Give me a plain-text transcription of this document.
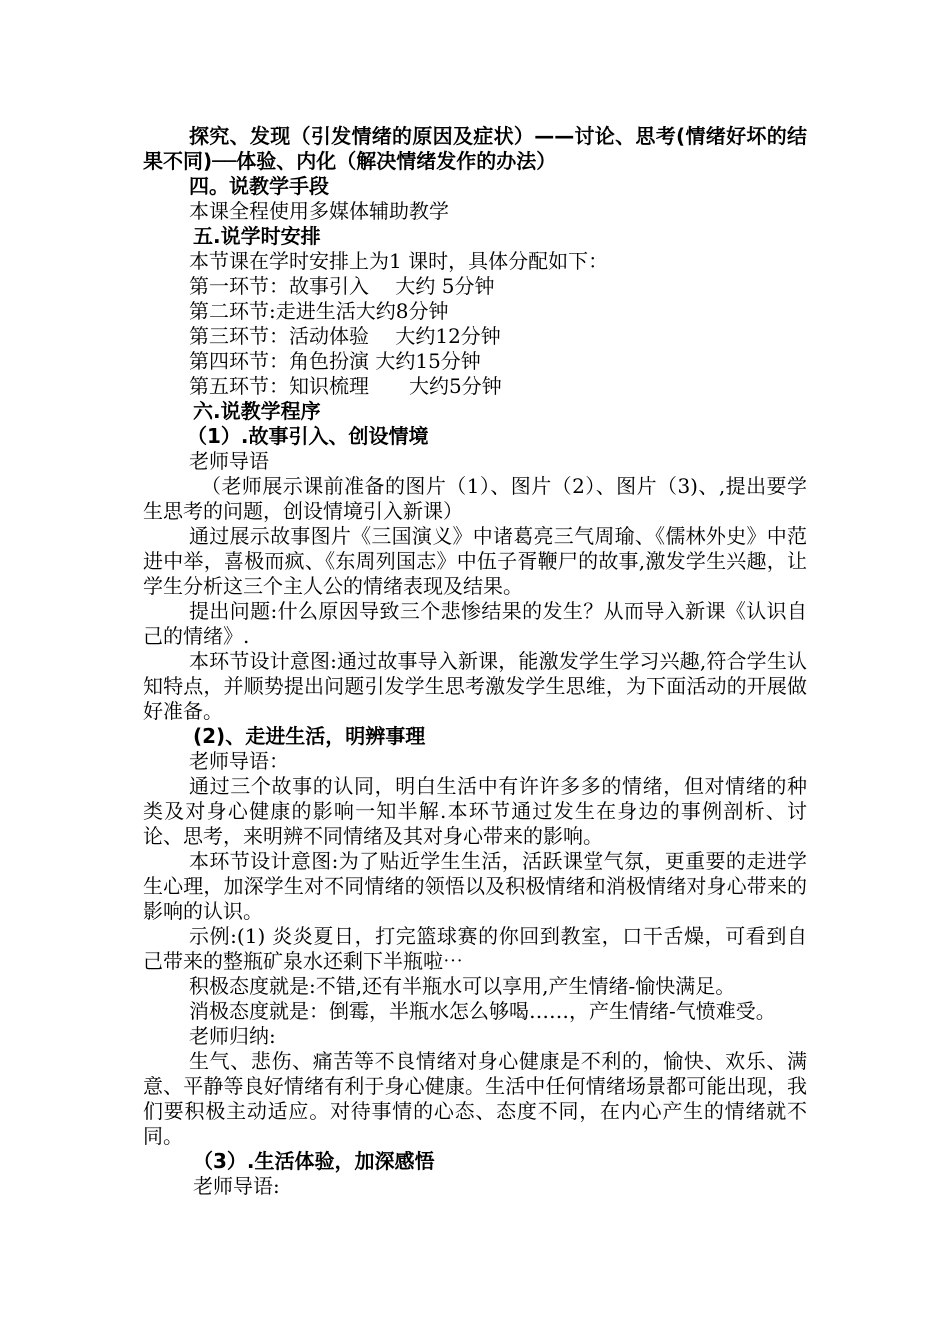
探究、发现（引发情绪的原因及症状）——讨论、思考(情绪好坏的结果不同)──体验、内化（解决情绪发作的办法）

四。说教学手段

本课全程使用多媒体辅助教学

五.说学时安排

本节课在学时安排上为1 课时，具体分配如下：

第一环节：故事引入　 大约 5分钟

第二环节:走进生活大约8分钟

第三环节：活动体验　 大约12分钟

第四环节：角色扮演 大约15分钟

第五环节：知识梳理　　大约5分钟

六.说教学程序

（1）.故事引入、创设情境

老师导语

（老师展示课前准备的图片（1）、图片（2）、图片（3)、,提出要学生思考的问题，创设情境引入新课）

通过展示故事图片《三国演义》中诸葛亮三气周瑜、《儒林外史》中范进中举，喜极而疯、《东周列国志》中伍子胥鞭尸的故事,激发学生兴趣，让学生分析这三个主人公的情绪表现及结果。

提出问题:什么原因导致三个悲惨结果的发生？从而导入新课《认识自己的情绪》.

本环节设计意图:通过故事导入新课，能激发学生学习兴趣,符合学生认知特点，并顺势提出问题引发学生思考激发学生思维，为下面活动的开展做好准备。

(2)、走进生活，明辨事理

老师导语：

通过三个故事的认同，明白生活中有许许多多的情绪，但对情绪的种类及对身心健康的影响一知半解.本环节通过发生在身边的事例剖析、讨论、思考，来明辨不同情绪及其对身心带来的影响。

本环节设计意图:为了贴近学生生活，活跃课堂气氛，更重要的走进学生心理，加深学生对不同情绪的领悟以及积极情绪和消极情绪对身心带来的影响的认识。

示例:(1) 炎炎夏日，打完篮球赛的你回到教室，口干舌燥，可看到自己带来的整瓶矿泉水还剩下半瓶啦⋯

积极态度就是:不错,还有半瓶水可以享用,产生情绪-愉快满足。

消极态度就是：倒霉，半瓶水怎么够喝……，产生情绪-气愤难受。

老师归纳:

生气、悲伤、痛苦等不良情绪对身心健康是不利的，愉快、欢乐、满意、平静等良好情绪有利于身心健康。生活中任何情绪场景都可能出现，我们要积极主动适应。对待事情的心态、态度不同，在内心产生的情绪就不同。

（3）.生活体验，加深感悟

老师导语:
